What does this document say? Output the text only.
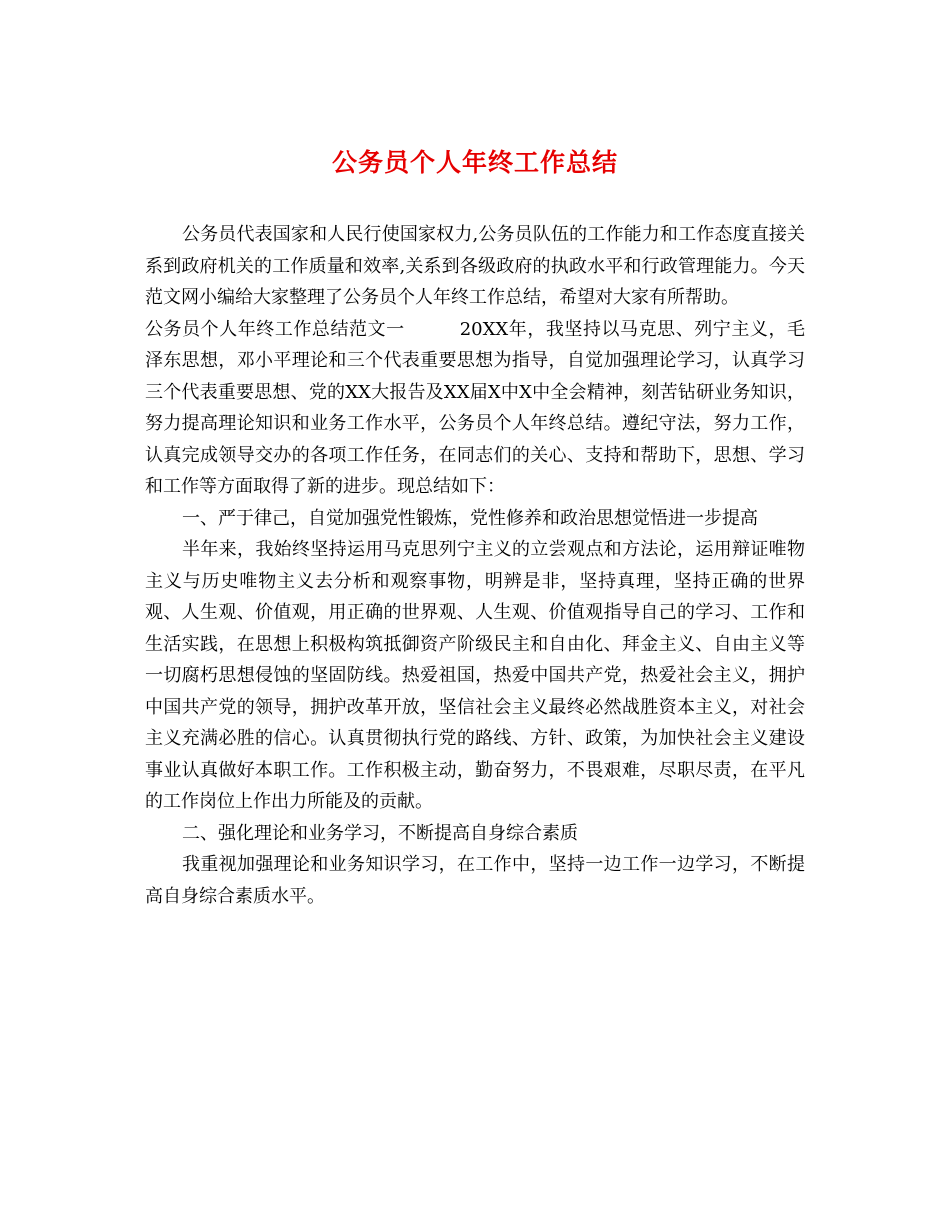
公务员个人年终工作总结

公务员代表国家和人民行使国家权力,公务员队伍的工作能力和工作态度直接关系到政府机关的工作质量和效率,关系到各级政府的执政水平和行政管理能力。今天范文网小编给大家整理了公务员个人年终工作总结，希望对大家有所帮助。

公务员个人年终工作总结范文一	20XX年，我坚持以马克思、列宁主义，毛泽东思想，邓小平理论和三个代表重要思想为指导，自觉加强理论学习，认真学习三个代表重要思想、党的XX大报告及XX届X中X中全会精神，刻苦钻研业务知识，努力提高理论知识和业务工作水平，公务员个人年终总结。遵纪守法，努力工作，认真完成领导交办的各项工作任务，在同志们的关心、支持和帮助下，思想、学习和工作等方面取得了新的进步。现总结如下：

一、严于律己，自觉加强党性锻炼，党性修养和政治思想觉悟进一步提高

半年来，我始终坚持运用马克思列宁主义的立尝观点和方法论，运用辩证唯物主义与历史唯物主义去分析和观察事物，明辨是非，坚持真理，坚持正确的世界观、人生观、价值观，用正确的世界观、人生观、价值观指导自己的学习、工作和生活实践，在思想上积极构筑抵御资产阶级民主和自由化、拜金主义、自由主义等一切腐朽思想侵蚀的坚固防线。热爱祖国，热爱中国共产党，热爱社会主义，拥护中国共产党的领导，拥护改革开放，坚信社会主义最终必然战胜资本主义，对社会主义充满必胜的信心。认真贯彻执行党的路线、方针、政策，为加快社会主义建设事业认真做好本职工作。工作积极主动，勤奋努力，不畏艰难，尽职尽责，在平凡的工作岗位上作出力所能及的贡献。

二、强化理论和业务学习，不断提高自身综合素质

我重视加强理论和业务知识学习，在工作中，坚持一边工作一边学习，不断提高自身综合素质水平。
